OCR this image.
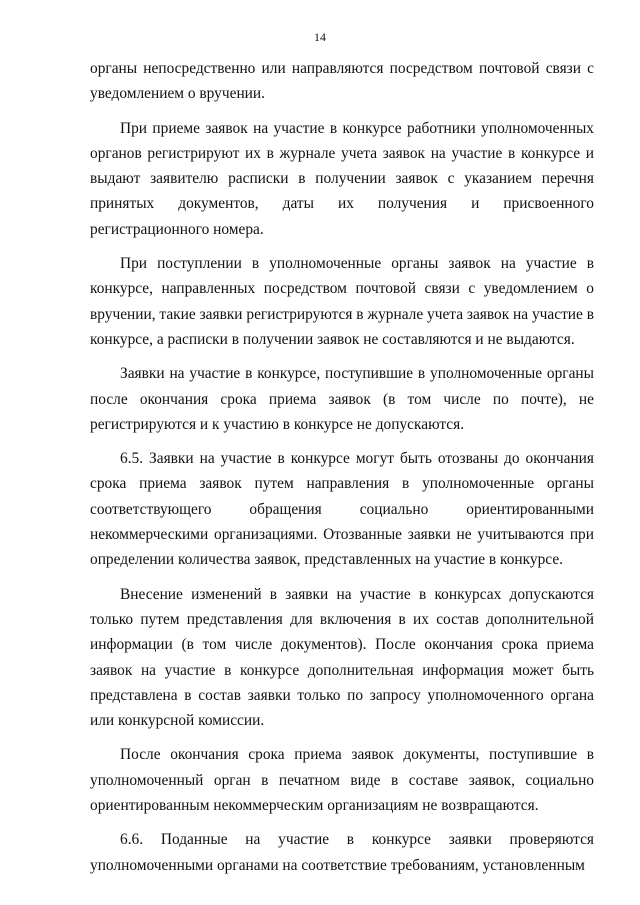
14

органы непосредственно или направляются посредством почтовой связи с уведомлением о вручении.

При приеме заявок на участие в конкурсе работники уполномоченных органов регистрируют их в журнале учета заявок на участие в конкурсе и выдают заявителю расписки в получении заявок с указанием перечня принятых документов, даты их получения и присвоенного регистрационного номера.

При поступлении в уполномоченные органы заявок на участие в конкурсе, направленных посредством почтовой связи с уведомлением о вручении, такие заявки регистрируются в журнале учета заявок на участие в конкурсе, а расписки в получении заявок не составляются и не выдаются.

Заявки на участие в конкурсе, поступившие в уполномоченные органы после окончания срока приема заявок (в том числе по почте), не регистрируются и к участию в конкурсе не допускаются.

6.5. Заявки на участие в конкурсе могут быть отозваны до окончания срока приема заявок путем направления в уполномоченные органы соответствующего обращения социально ориентированными некоммерческими организациями. Отозванные заявки не учитываются при определении количества заявок, представленных на участие в конкурсе.

Внесение изменений в заявки на участие в конкурсах допускаются только путем представления для включения в их состав дополнительной информации (в том числе документов). После окончания срока приема заявок на участие в конкурсе дополнительная информация может быть представлена в состав заявки только по запросу уполномоченного органа или конкурсной комиссии.

После окончания срока приема заявок документы, поступившие в уполномоченный орган в печатном виде в составе заявок, социально ориентированным некоммерческим организациям не возвращаются.

6.6. Поданные на участие в конкурсе заявки проверяются уполномоченными органами на соответствие требованиям, установленным
